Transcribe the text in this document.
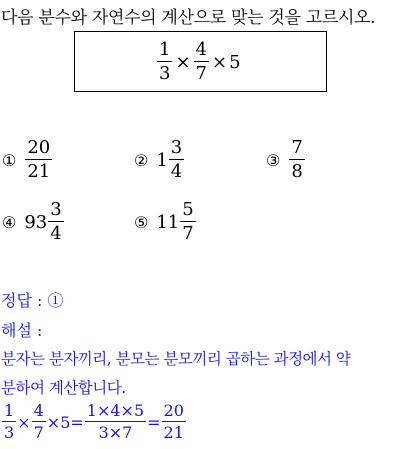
다음 분수와 자연수의 계산으로 맞는 것을 고르시오.
$\frac{1}{3} \times \frac{4}{7} \times 5$
① $\frac{20}{21}$	② $1 \frac{3}{4}$	③ $\frac{7}{8}$
④ $93 \frac{3}{4}$	⑤ $11 \frac{5}{7}$
정답 : ①
해설 :
분자는 분자끼리, 분모는 분모끼리 곱하는 과정에서 약
분하여 계산합니다.
$\frac{1}{3} \times \frac{4}{7} \times 5= \frac{1\times 4\times 5}{3\times 7} = \frac{20}{21}$
